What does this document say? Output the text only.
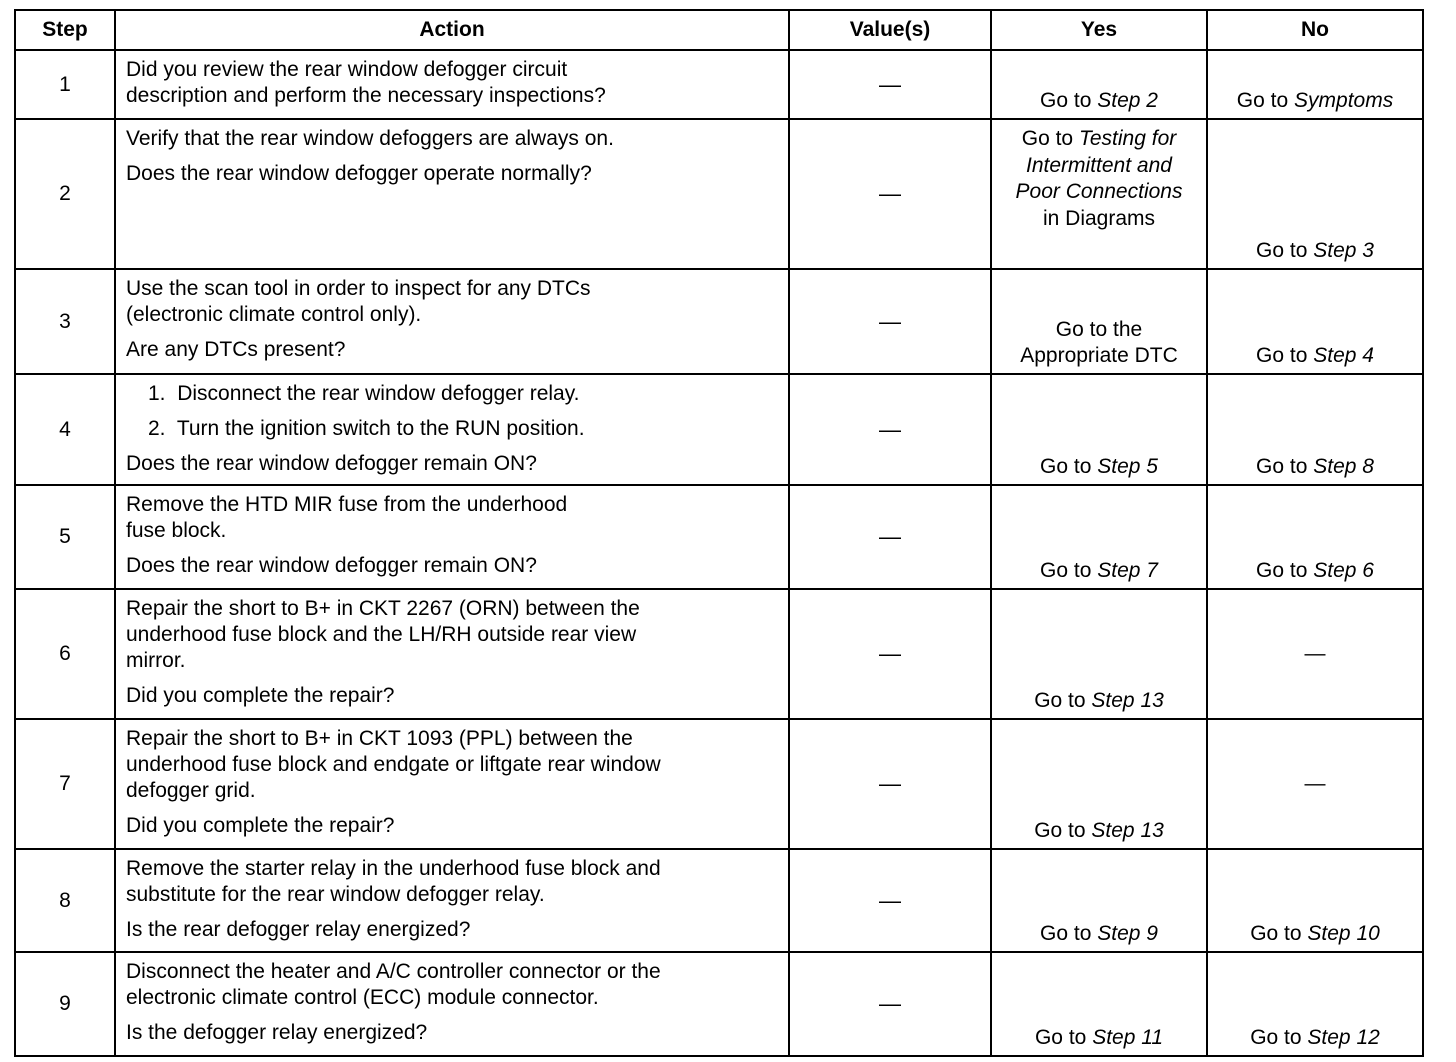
Step	Action	Value(s)	Yes	No
1	Did you review the rear window defogger circuit
description and perform the necessary inspections?	—	Go to Step 2	Go to Symptoms

2	Verify that the rear window defoggers are always on.
Does the rear window defogger operate normally?	—	Go to Testing for
Intermittent and
Poor Connections
in Diagrams	Go to Step 3

3	Use the scan tool in order to inspect for any DTCs
(electronic climate control only).
Are any DTCs present?	—	Go to the
Appropriate DTC	Go to Step 4

4	1. Disconnect the rear window defogger relay.
2. Turn the ignition switch to the RUN position.
Does the rear window defogger remain ON?	—	Go to Step 5	Go to Step 8

5	Remove the HTD MIR fuse from the underhood
fuse block.
Does the rear window defogger remain ON?	—	Go to Step 7	Go to Step 6

6	Repair the short to B+ in CKT 2267 (ORN) between the
underhood fuse block and the LH/RH outside rear view
mirror.
Did you complete the repair?	—	Go to Step 13	—

7	Repair the short to B+ in CKT 1093 (PPL) between the
underhood fuse block and endgate or liftgate rear window
defogger grid.
Did you complete the repair?	—	Go to Step 13	—

8	Remove the starter relay in the underhood fuse block and
substitute for the rear window defogger relay.
Is the rear defogger relay energized?	—	Go to Step 9	Go to Step 10

9	Disconnect the heater and A/C controller connector or the
electronic climate control (ECC) module connector.
Is the defogger relay energized?	—	Go to Step 11	Go to Step 12
